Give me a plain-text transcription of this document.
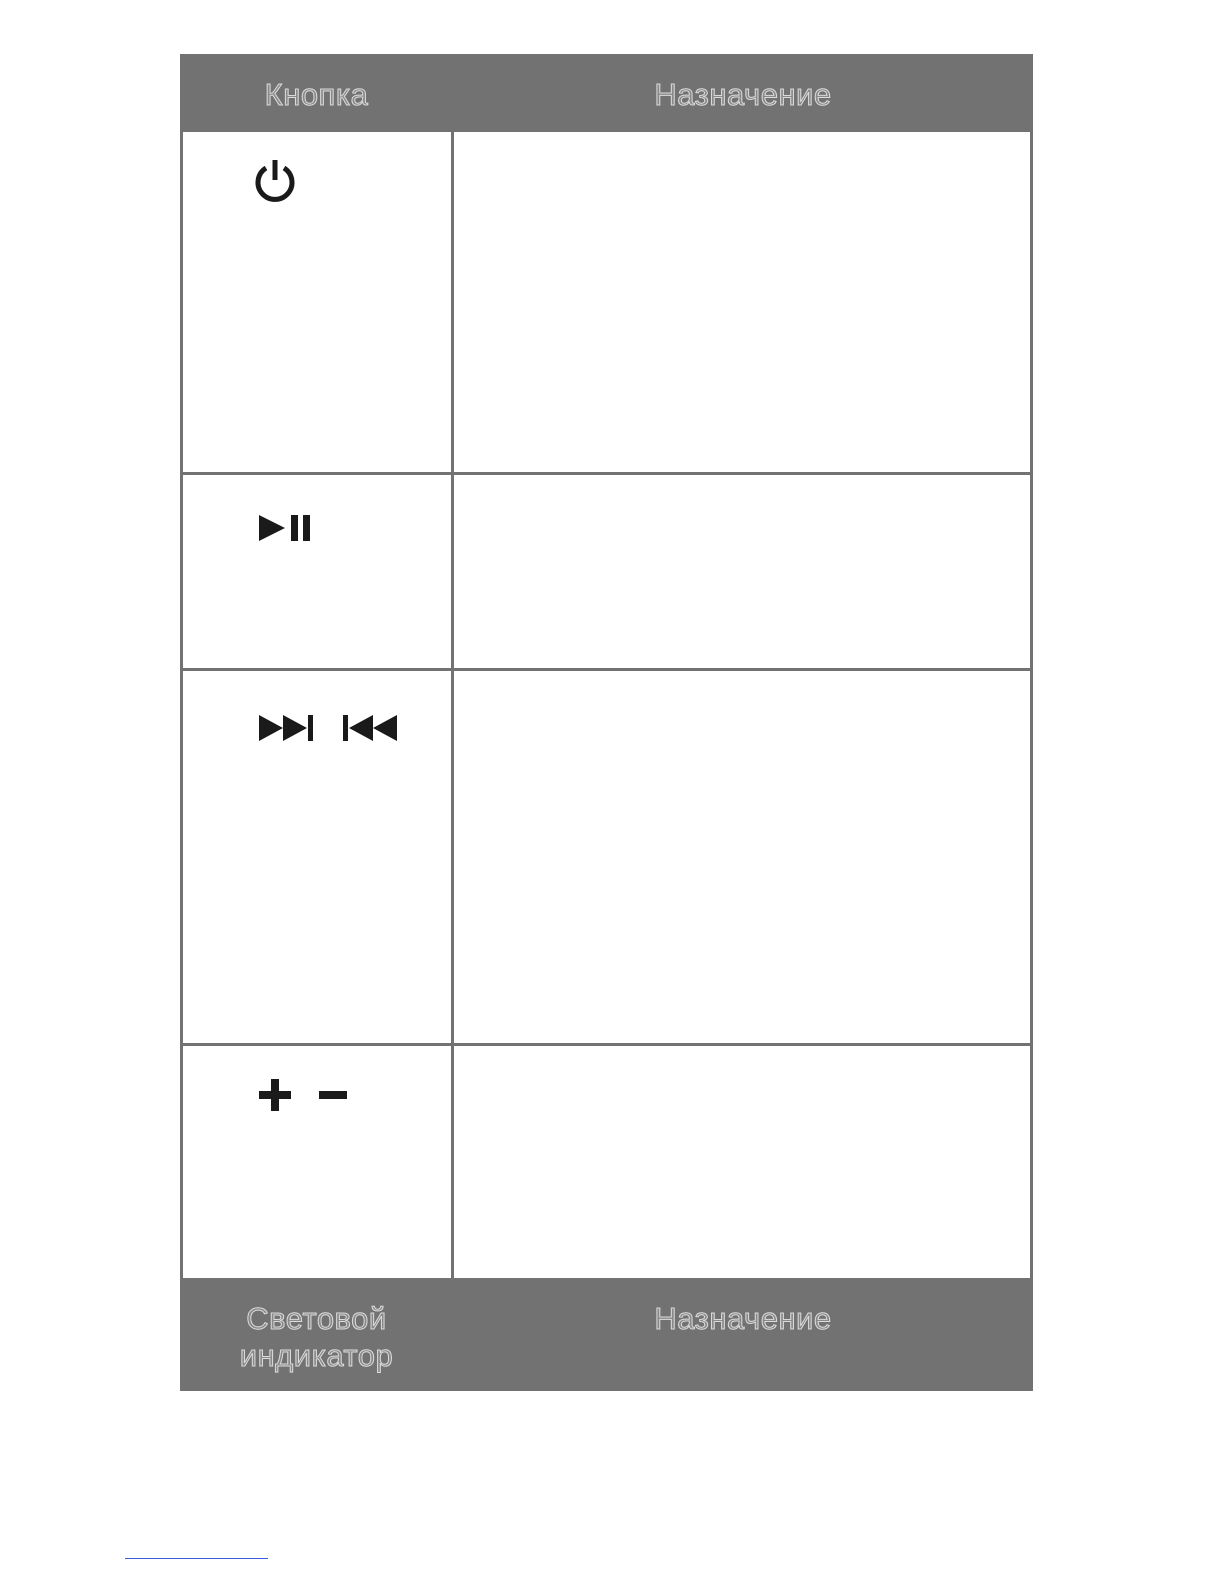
Кнопка	Назначение
Световой
индикатор
Назначение
